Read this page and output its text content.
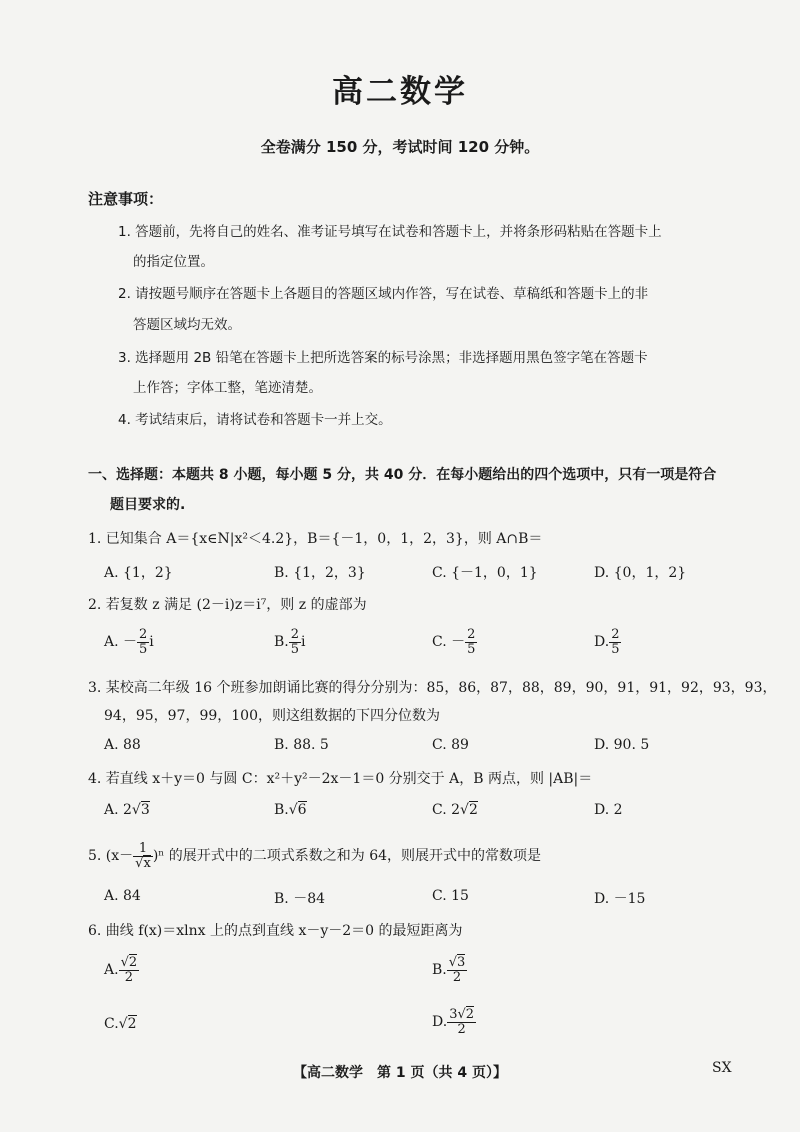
高二数学
全卷满分 150 分，考试时间 120 分钟。
注意事项：
1. 答题前，先将自己的姓名、准考证号填写在试卷和答题卡上，并将条形码粘贴在答题卡上
的指定位置。
2. 请按题号顺序在答题卡上各题目的答题区域内作答，写在试卷、草稿纸和答题卡上的非
答题区域均无效。
3. 选择题用 2B 铅笔在答题卡上把所选答案的标号涂黑；非选择题用黑色签字笔在答题卡
上作答；字体工整，笔迹清楚。
4. 考试结束后，请将试卷和答题卡一并上交。
一、选择题：本题共 8 小题，每小题 5 分，共 40 分．在每小题给出的四个选项中，只有一项是符合
题目要求的.
1. 已知集合 A＝{x∈N|x²＜4.2}，B＝{－1，0，1，2，3}，则 A∩B＝
A. {1，2}	B. {1，2，3}	C. {－1，0，1}	D. {0，1，2}
2. 若复数 z 满足 (2－i)z＝i⁷，则 z 的虚部为
A. － $\frac{2}{5}$ i	B. $\frac{2}{5}$ i	C. － $\frac{2}{5}$	D. $\frac{2}{5}$
3. 某校高二年级 16 个班参加朗诵比赛的得分分别为：85，86，87，88，89，90，91，91，92，93，93，
94，95，97，99，100，则这组数据的下四分位数为
A. 88	B. 88. 5	C. 89	D. 90. 5
4. 若直线 x＋y＝0 与圆 C：x²＋y²－2x－1＝0 分别交于 A，B 两点，则 |AB|＝
A. 2√3	B.√6	C. 2√2	D. 2
5. $(x- \frac{1}{√x} )^n$ 的展开式中的二项式系数之和为 64，则展开式中的常数项是
A. 84	B. －84	C. 15	D. －15
6. 曲线 f(x)＝xlnx 上的点到直线 x－y－2＝0 的最短距离为
A. $\frac{√2}{2}$	B. $\frac{√3}{2}$
C.√2	D. $\frac{3√2}{2}$
【高二数学　第 1 页（共 4 页）】	SX
